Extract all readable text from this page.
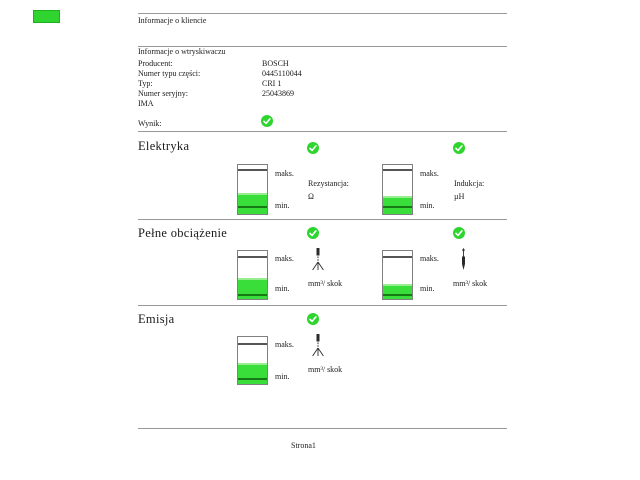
Informacje o kliencie
Informacje o wtryskiwaczu
Producent:	BOSCH
Numer typu części:	0445110044
Typ:	CRI 1
Numer seryjny:	25043869
IMA
Wynik:
Elektryka
maks.
min.
Rezystancja:
Ω
maks.
min.
Indukcja:
µH
Pełne obciążenie
maks.
min.
mm³/ skok
maks.
min.
mm³/ skok
Emisja
maks.
min.
mm³/ skok
Strona1
